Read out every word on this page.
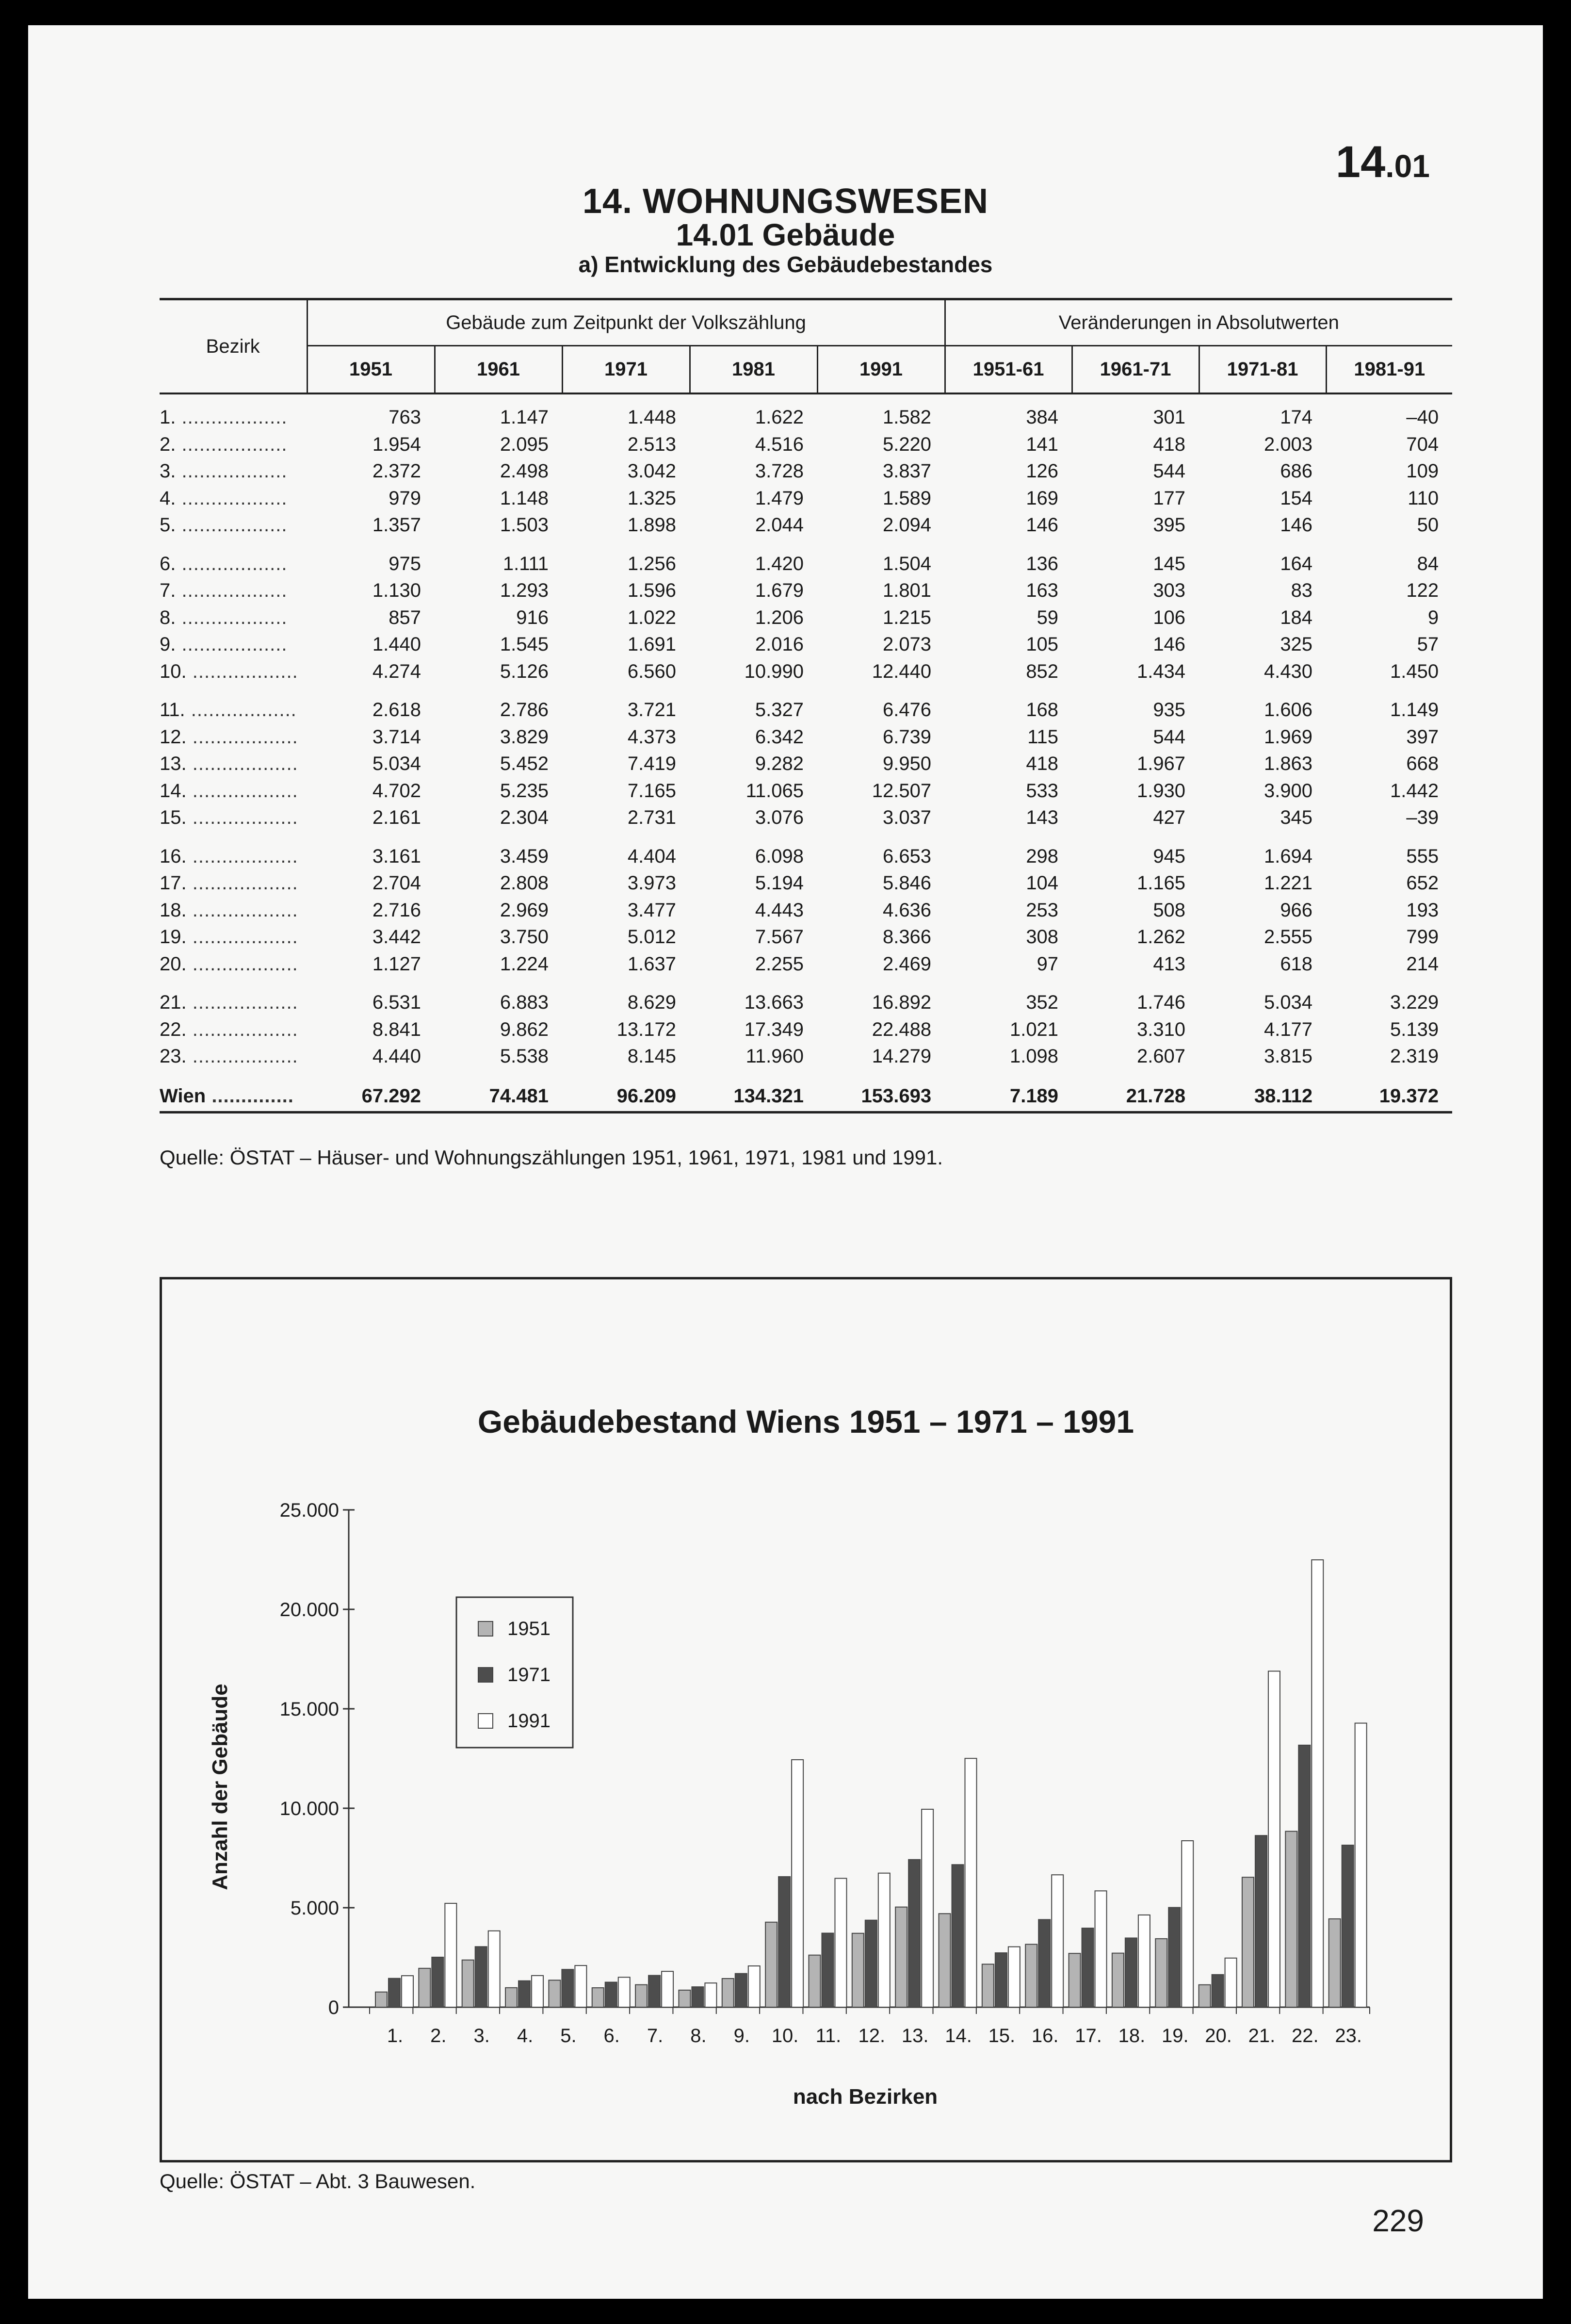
14.01
14. WOHNUNGSWESEN
14.01 Gebäude
a) Entwicklung des Gebäudebestandes
Bezirk	Gebäude zum Zeitpunkt der Volkszählung					Veränderungen in Absolutwerten			
	1951	1961	1971	1981	1991	1951-61	1961-71	1971-81	1981-91

1. ..................	763	1.147	1.448	1.622	1.582	384	301	174	–40
2. ..................	1.954	2.095	2.513	4.516	5.220	141	418	2.003	704
3. ..................	2.372	2.498	3.042	3.728	3.837	126	544	686	109
4. ..................	979	1.148	1.325	1.479	1.589	169	177	154	110
5. ..................	1.357	1.503	1.898	2.044	2.094	146	395	146	50

6. ..................	975	1.111	1.256	1.420	1.504	136	145	164	84
7. ..................	1.130	1.293	1.596	1.679	1.801	163	303	83	122
8. ..................	857	916	1.022	1.206	1.215	59	106	184	9
9. ..................	1.440	1.545	1.691	2.016	2.073	105	146	325	57
10. ..................	4.274	5.126	6.560	10.990	12.440	852	1.434	4.430	1.450

11. ..................	2.618	2.786	3.721	5.327	6.476	168	935	1.606	1.149
12. ..................	3.714	3.829	4.373	6.342	6.739	115	544	1.969	397
13. ..................	5.034	5.452	7.419	9.282	9.950	418	1.967	1.863	668
14. ..................	4.702	5.235	7.165	11.065	12.507	533	1.930	3.900	1.442
15. ..................	2.161	2.304	2.731	3.076	3.037	143	427	345	–39

16. ..................	3.161	3.459	4.404	6.098	6.653	298	945	1.694	555
17. ..................	2.704	2.808	3.973	5.194	5.846	104	1.165	1.221	652
18. ..................	2.716	2.969	3.477	4.443	4.636	253	508	966	193
19. ..................	3.442	3.750	5.012	7.567	8.366	308	1.262	2.555	799
20. ..................	1.127	1.224	1.637	2.255	2.469	97	413	618	214

21. ..................	6.531	6.883	8.629	13.663	16.892	352	1.746	5.034	3.229
22. ..................	8.841	9.862	13.172	17.349	22.488	1.021	3.310	4.177	5.139
23. ..................	4.440	5.538	8.145	11.960	14.279	1.098	2.607	3.815	2.319

Wien ..............	67.292	74.481	96.209	134.321	153.693	7.189	21.728	38.112	19.372
Quelle: ÖSTAT – Häuser- und Wohnungszählungen 1951, 1961, 1971, 1981 und 1991.
Gebäudebestand Wiens 1951 – 1971 – 1991
Anzahl der Gebäude
nach Bezirken
0
5.000
10.000
15.000
20.000
25.000
1. 2. 3. 4. 5. 6. 7. 8. 9. 10. 11. 12. 13. 14. 15. 16. 17. 18. 19. 20. 21. 22. 23.
1951
1971
1991
Quelle: ÖSTAT – Abt. 3 Bauwesen.
229
